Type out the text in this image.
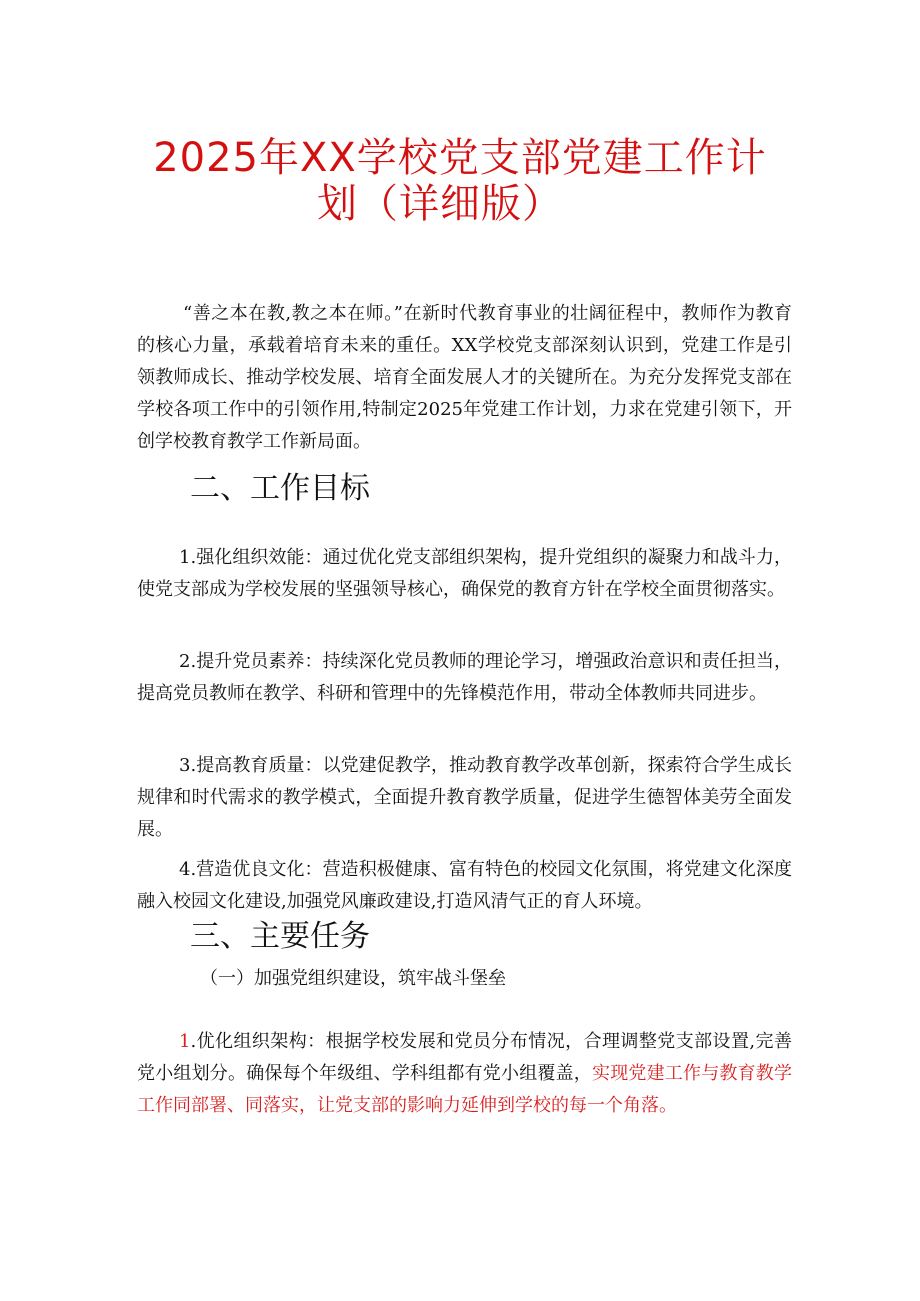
2025年XX学校党支部党建工作计
划（详细版）

“善之本在教,教之本在师。”在新时代教育事业的壮阔征程中，教师作为教育的核心力量，承载着培育未来的重任。XX学校党支部深刻认识到，党建工作是引领教师成长、推动学校发展、培育全面发展人才的关键所在。为充分发挥党支部在学校各项工作中的引领作用,特制定2025年党建工作计划，力求在党建引领下，开创学校教育教学工作新局面。

二、工作目标

1.强化组织效能：通过优化党支部组织架构，提升党组织的凝聚力和战斗力，使党支部成为学校发展的坚强领导核心，确保党的教育方针在学校全面贯彻落实。

2.提升党员素养：持续深化党员教师的理论学习，增强政治意识和责任担当，提高党员教师在教学、科研和管理中的先锋模范作用，带动全体教师共同进步。

3.提高教育质量：以党建促教学，推动教育教学改革创新，探索符合学生成长规律和时代需求的教学模式，全面提升教育教学质量，促进学生德智体美劳全面发展。

4.营造优良文化：营造积极健康、富有特色的校园文化氛围，将党建文化深度融入校园文化建设,加强党风廉政建设,打造风清气正的育人环境。

三、主要任务

（一）加强党组织建设，筑牢战斗堡垒

1.优化组织架构：根据学校发展和党员分布情况，合理调整党支部设置,完善党小组划分。确保每个年级组、学科组都有党小组覆盖，实现党建工作与教育教学工作同部署、同落实，让党支部的影响力延伸到学校的每一个角落。
